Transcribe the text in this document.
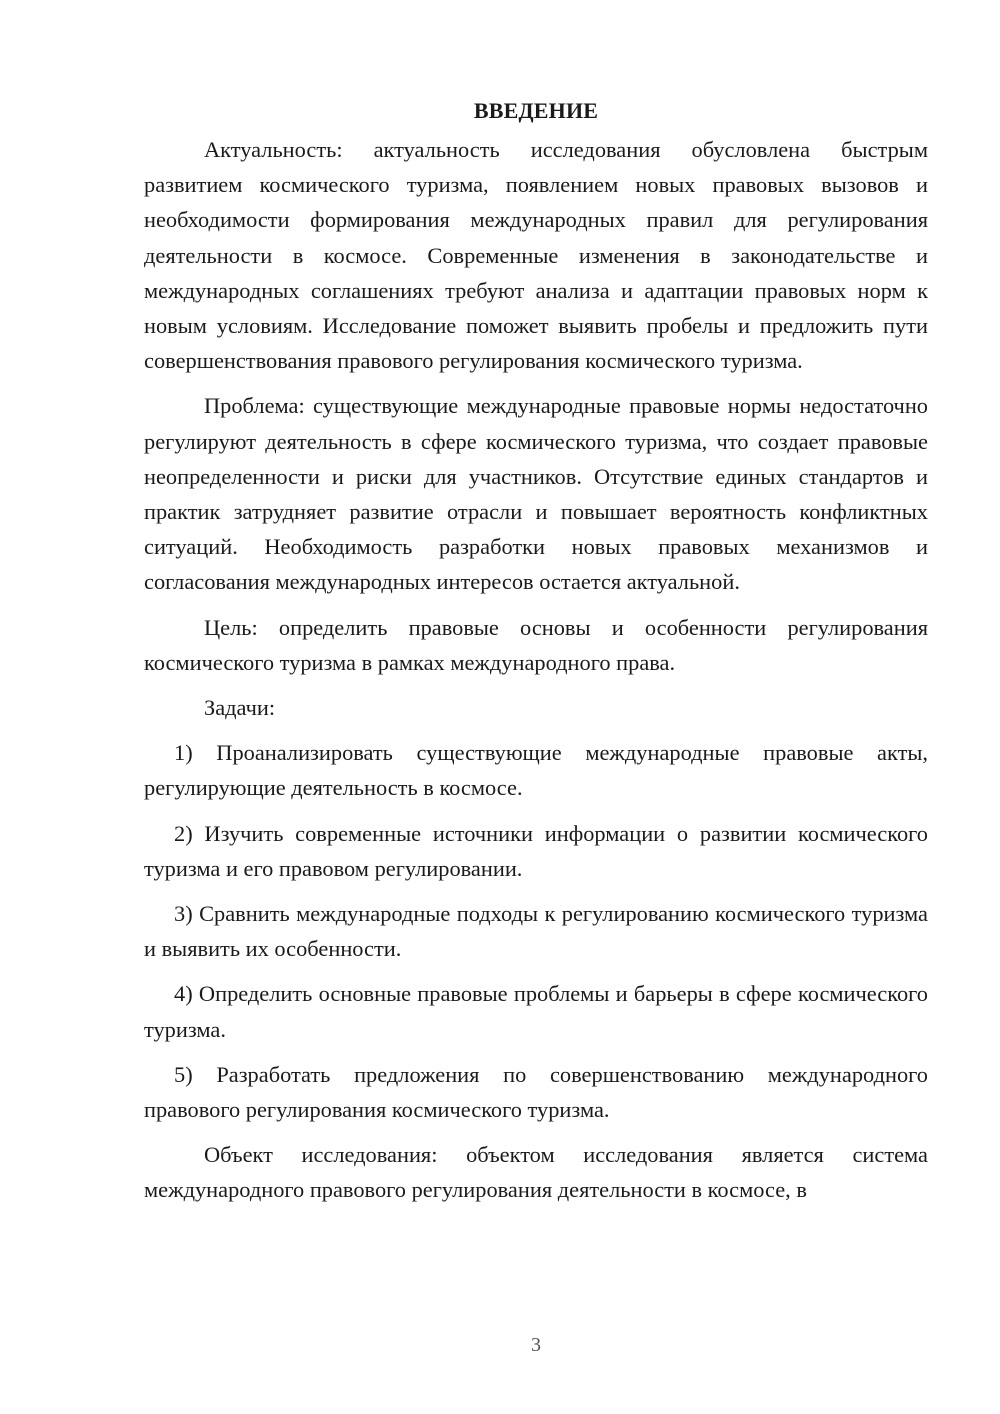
ВВЕДЕНИЕ

Актуальность: актуальность исследования обусловлена быстрым развитием космического туризма, появлением новых правовых вызовов и необходимости формирования международных правил для регулирования деятельности в космосе. Современные изменения в законодательстве и международных соглашениях требуют анализа и адаптации правовых норм к новым условиям. Исследование поможет выявить пробелы и предложить пути совершенствования правового регулирования космического туризма.

Проблема: существующие международные правовые нормы недостаточно регулируют деятельность в сфере космического туризма, что создает правовые неопределенности и риски для участников. Отсутствие единых стандартов и практик затрудняет развитие отрасли и повышает вероятность конфликтных ситуаций. Необходимость разработки новых правовых механизмов и согласования международных интересов остается актуальной.

Цель: определить правовые основы и особенности регулирования космического туризма в рамках международного права.

Задачи:

1) Проанализировать существующие международные правовые акты, регулирующие деятельность в космосе.

2) Изучить современные источники информации о развитии космического туризма и его правовом регулировании.

3) Сравнить международные подходы к регулированию космического туризма и выявить их особенности.

4) Определить основные правовые проблемы и барьеры в сфере космического туризма.

5) Разработать предложения по совершенствованию международного правового регулирования космического туризма.

Объект исследования: объектом исследования является система международного правового регулирования деятельности в космосе, в

3
